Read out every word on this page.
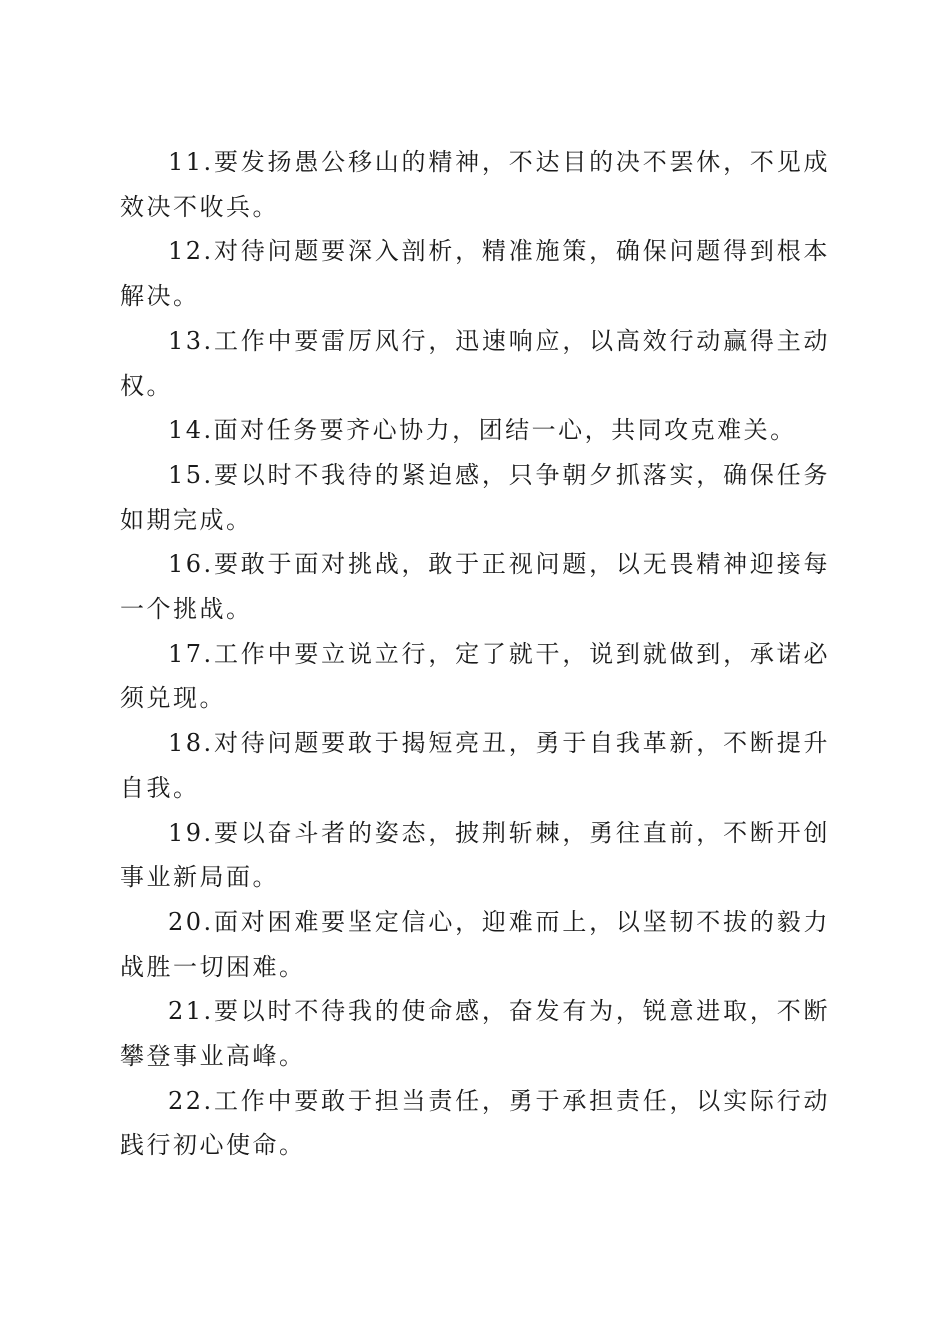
11.要发扬愚公移山的精神，不达目的决不罢休，不见成效决不收兵。

12.对待问题要深入剖析，精准施策，确保问题得到根本解决。

13.工作中要雷厉风行，迅速响应，以高效行动赢得主动权。

14.面对任务要齐心协力，团结一心，共同攻克难关。

15.要以时不我待的紧迫感，只争朝夕抓落实，确保任务如期完成。

16.要敢于面对挑战，敢于正视问题，以无畏精神迎接每一个挑战。

17.工作中要立说立行，定了就干，说到就做到，承诺必须兑现。

18.对待问题要敢于揭短亮丑，勇于自我革新，不断提升自我。

19.要以奋斗者的姿态，披荆斩棘，勇往直前，不断开创事业新局面。

20.面对困难要坚定信心，迎难而上，以坚韧不拔的毅力战胜一切困难。

21.要以时不待我的使命感，奋发有为，锐意进取，不断攀登事业高峰。

22.工作中要敢于担当责任，勇于承担责任，以实际行动践行初心使命。
